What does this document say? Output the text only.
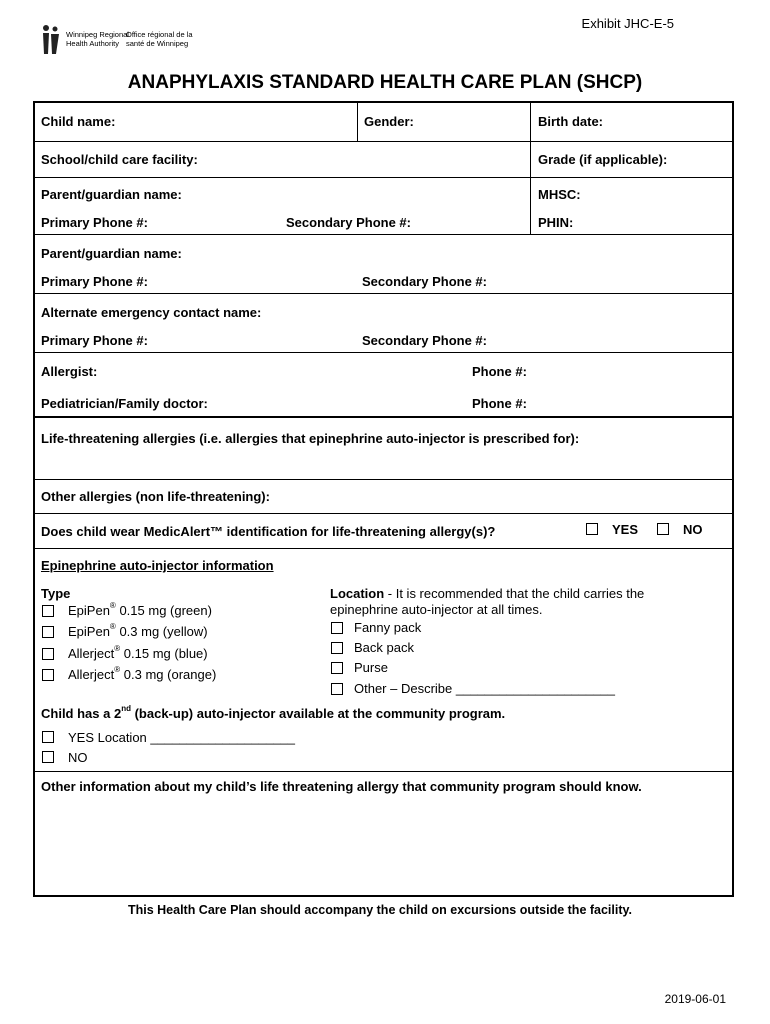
Winnipeg Regional
Health Authority
Office régional de la
santé de Winnipeg
Exhibit JHC-E-5
ANAPHYLAXIS STANDARD HEALTH CARE PLAN (SHCP)
Child name:	Gender:	Birth date:
School/child care facility:	Grade (if applicable):
Parent/guardian name:	MHSC:
Primary Phone #:	Secondary Phone #:	PHIN:
Parent/guardian name:
Primary Phone #:	Secondary Phone #:
Alternate emergency contact name:
Primary Phone #:	Secondary Phone #:
Allergist:	Phone #:
Pediatrician/Family doctor:	Phone #:
Life-threatening allergies (i.e. allergies that epinephrine auto-injector is prescribed for):
Other allergies (non life-threatening):
Does child wear MedicAlert™ identification for life-threatening allergy(s)?	YES	NO
Epinephrine auto-injector information
Type
EpiPen® 0.15 mg (green)
EpiPen® 0.3 mg (yellow)
Allerject® 0.15 mg (blue)
Allerject® 0.3 mg (orange)
Location - It is recommended that the child carries the
epinephrine auto-injector at all times.
Fanny pack
Back pack
Purse
Other – Describe ______________________
Child has a 2nd (back-up) auto-injector available at the community program.
YES Location ____________________
NO
Other information about my child’s life threatening allergy that community program should know.
This Health Care Plan should accompany the child on excursions outside the facility.
2019-06-01
